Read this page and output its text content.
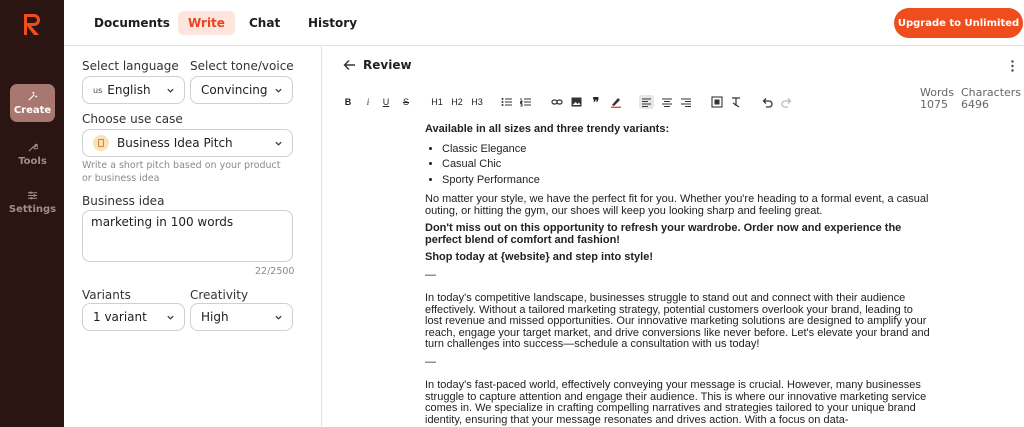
Create
Tools
Settings
Documents	Write	Chat	History	Upgrade to Unlimited
Select language Select tone/voice
us English	Convincing
Choose use case
Business Idea Pitch
Write a short pitch based on your product or business idea
Business idea
marketing in 100 words
22/2500
Variants	Creativity
1 variant	High
Review
B	i	U S H1 H2 H3	❞
Words
1075
Characters
6496

Available in all sizes and three trendy variants:

• Classic Elegance
• Casual Chic
• Sporty Performance

No matter your style, we have the perfect fit for you. Whether you're heading to a formal event, a casual outing, or hitting the gym, our shoes will keep you looking sharp and feeling great.

Don't miss out on this opportunity to refresh your wardrobe. Order now and experience the perfect blend of comfort and fashion!

Shop today at {website} and step into style!

—

In today's competitive landscape, businesses struggle to stand out and connect with their audience effectively. Without a tailored marketing strategy, potential customers overlook your brand, leading to lost revenue and missed opportunities. Our innovative marketing solutions are designed to amplify your reach, engage your target market, and drive conversions like never before. Let's elevate your brand and turn challenges into success—schedule a consultation with us today!

—

In today's fast-paced world, effectively conveying your message is crucial. However, many businesses struggle to capture attention and engage their audience. This is where our innovative marketing service comes in. We specialize in crafting compelling narratives and strategies tailored to your unique brand identity, ensuring that your message resonates and drives action. With a focus on data-
